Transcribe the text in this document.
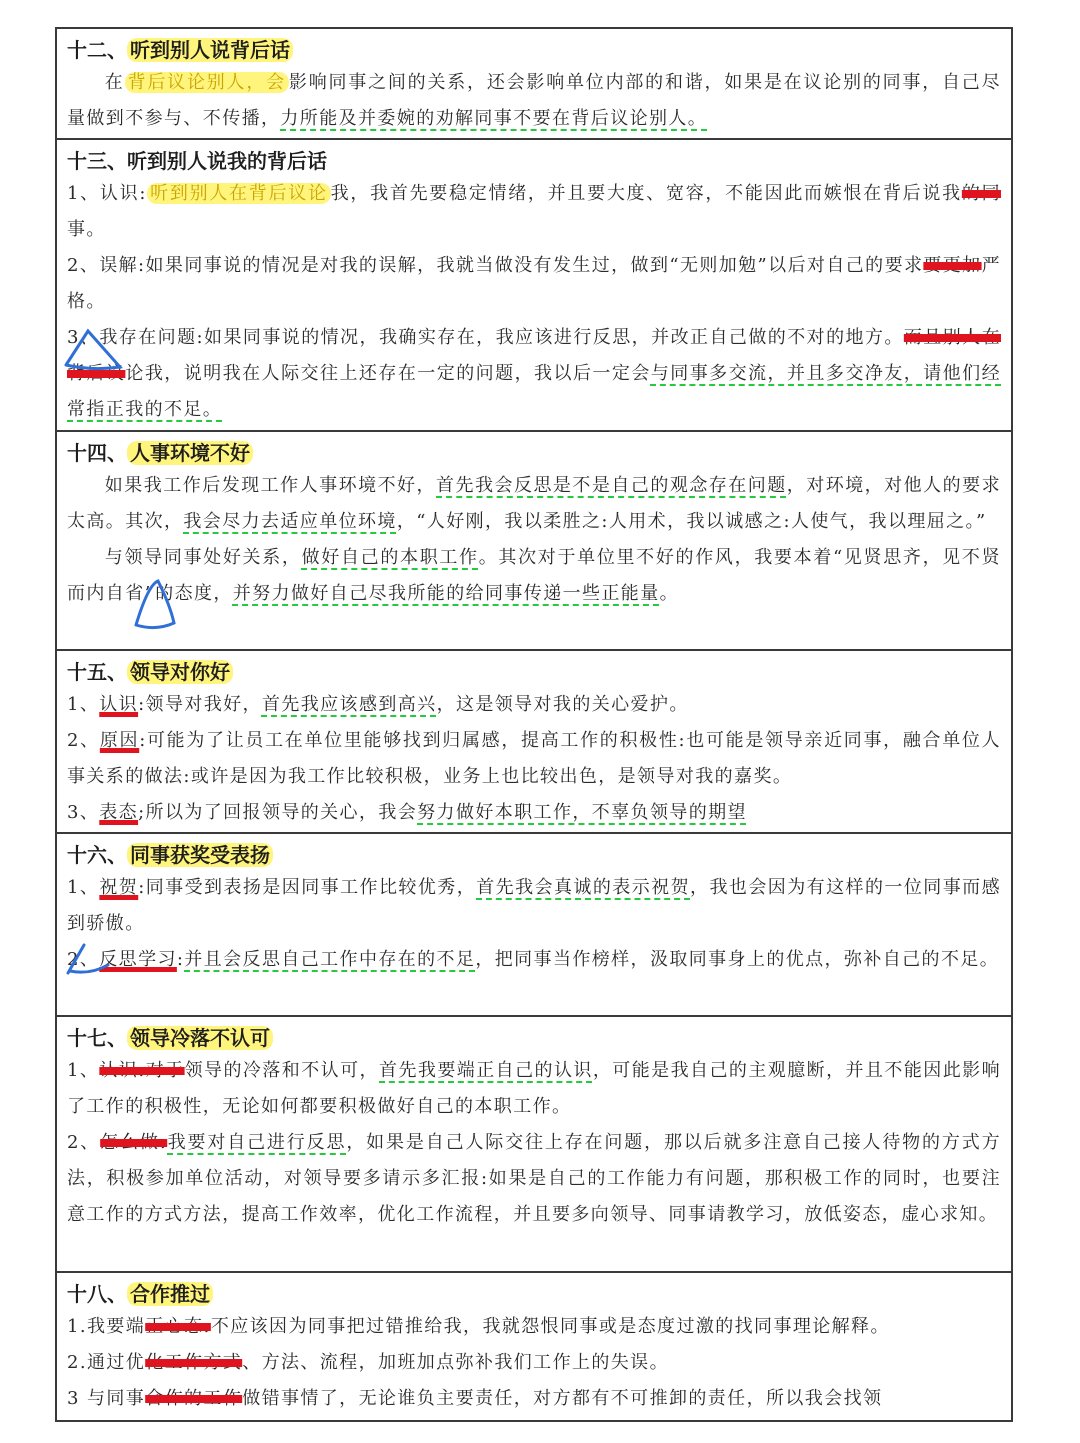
十二、 听到别人说背后话
在 背后议论别人，会 影响同事之间的关系，还会影响单位内部的和谐，如果是在议论别的同事，自己尽量做到不参与、不传播，力所能及并委婉的劝解同事不要在背后议论别人。
十三、听到别人说我的背后话
1、认识: 听到别人在背后议论 我，我首先要稳定情绪，并且要大度、宽容，不能因此而嫉恨在背后说我的同事。
2、误解:如果同事说的情况是对我的误解，我就当做没有发生过，做到“无则加勉”以后对自己的要求要更加严格。
3、我存在问题:如果同事说的情况，我确实存在，我应该进行反思，并改正自己做的不对的地方。而且别人在背后议论我，说明我在人际交往上还存在一定的问题，我以后一定会与同事多交流，并且多交净友，请他们经常指正我的不足。
十四、 人事环境不好
如果我工作后发现工作人事环境不好，首先我会反思是不是自己的观念存在问题，对环境，对他人的要求太高。其次，我会尽力去适应单位环境，“人好刚，我以柔胜之:人用术，我以诚感之:人使气，我以理屈之。”
与领导同事处好关系，做好自己的本职工作。其次对于单位里不好的作风，我要本着“见贤思齐，见不贤而内自省”的态度，并努力做好自己尽我所能的给同事传递一些正能量。
十五、 领导对你好
1、认识:领导对我好，首先我应该感到高兴，这是领导对我的关心爱护。
2、原因:可能为了让员工在单位里能够找到归属感，提高工作的积极性:也可能是领导亲近同事，融合单位人事关系的做法:或许是因为我工作比较积极，业务上也比较出色，是领导对我的嘉奖。
3、表态;所以为了回报领导的关心，我会努力做好本职工作，不辜负领导的期望
十六、 同事获奖受表扬
1、祝贺:同事受到表扬是因同事工作比较优秀，首先我会真诚的表示祝贺，我也会因为有这样的一位同事而感到骄傲。
2、反思学习:并且会反思自己工作中存在的不足，把同事当作榜样，汲取同事身上的优点，弥补自己的不足。
十七、 领导冷落不认可
1、认识:对于领导的冷落和不认可，首先我要端正自己的认识，可能是我自己的主观臆断，并且不能因此影响了工作的积极性，无论如何都要积极做好自己的本职工作。
2、怎么做:我要对自己进行反思，如果是自己人际交往上存在问题，那以后就多注意自己接人待物的方式方法，积极参加单位活动，对领导要多请示多汇报:如果是自己的工作能力有问题，那积极工作的同时，也要注意工作的方式方法，提高工作效率，优化工作流程，并且要多向领导、同事请教学习，放低姿态，虚心求知。
十八、 合作推过
1.我要端正心态:不应该因为同事把过错推给我，我就怨恨同事或是态度过激的找同事理论解释。
2.通过优化工作方式、方法、流程，加班加点弥补我们工作上的失误。
3 与同事合作的工作做错事情了，无论谁负主要责任，对方都有不可推卸的责任，所以我会找领
